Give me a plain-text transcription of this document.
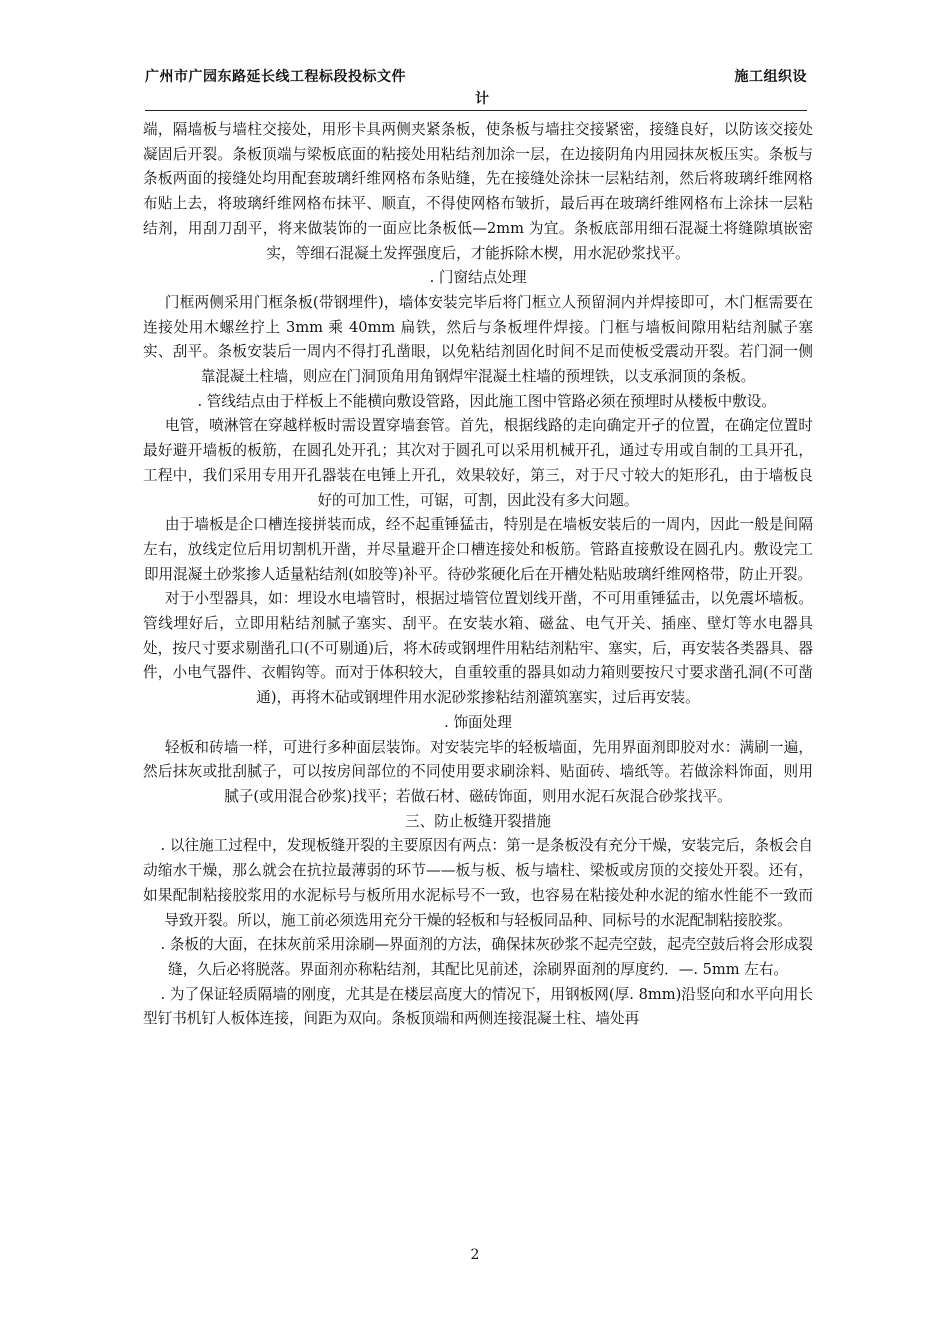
广州市广园东路延长线工程标段投标文件	施工组织设
计

端，隔墙板与墙柱交接处，用形卡具两侧夹紧条板，使条板与墙拄交接紧密，接缝良好，以防该交接处凝固后开裂。条板顶端与梁板底面的粘接处用粘结剂加涂一层，在边接阴角内用园抹灰板压实。条板与条板两面的接缝处均用配套玻璃纤维网格布条贴缝，先在接缝处涂抹一层粘结剂，然后将玻璃纤维网格布贴上去，将玻璃纤维网格布抹平、顺直，不得使网格布皱折，最后再在玻璃纤维网格布上涂抹一层粘结剂，用刮刀刮平，将来做装饰的一面应比条板低—2mm 为宜。条板底部用细石混凝土将缝隙填嵌密实，等细石混凝土发挥强度后，才能拆除木楔，用水泥砂浆找平。

. 门窗结点处理

门框两侧采用门框条板(带钢埋件)，墙体安装完毕后将门框立人预留洞内并焊接即可，木门框需要在连接处用木螺丝拧上 3mm 乘 40mm 扁铁，然后与条板埋件焊接。门框与墙板间隙用粘结剂腻子塞实、刮平。条板安装后一周内不得打孔凿眼，以免粘结剂固化时间不足而使板受震动开裂。若门洞一侧靠混凝土柱墙，则应在门洞顶角用角钢焊牢混凝土柱墙的预埋铁，以支承洞顶的条板。

. 管线结点由于样板上不能横向敷设管路，因此施工图中管路必须在预埋时从楼板中敷设。

电管，喷淋管在穿越样板时需设置穿墙套管。首先，根据线路的走向确定开孑的位置，在确定位置时最好避开墙板的板筋，在圆孔处开孔；其次对于圆孔可以采用机械开孔，通过专用或自制的工具开孔，工程中，我们采用专用开孔器装在电锤上开孔，效果较好，第三，对于尺寸较大的矩形孔，由于墙板良好的可加工性，可锯，可割，因此没有多大问题。

由于墙板是企口槽连接拼装而成，经不起重锤猛击，特别是在墙板安装后的一周内，因此一般是间隔左右，放线定位后用切割机开凿，并尽量避开企口槽连接处和板筋。管路直接敷设在圆孔内。敷设完工即用混凝土砂浆掺人适量粘结剂(如胶等)补平。待砂浆硬化后在开槽处粘贴玻璃纤维网格带，防止开裂。

对于小型器具，如：埋设水电墙管时，根据过墙管位置划线开凿，不可用重锤猛击，以免震坏墙板。管线埋好后，立即用粘结剂腻子塞实、刮平。在安装水箱、磁盆、电气开关、插座、壁灯等水电器具处，按尺寸要求剔凿孔口(不可剔通)后，将木砖或钢埋件用粘结剂粘牢、塞实，后，再安装各类器具、器件，小电气器件、衣帽钩等。而对于体积较大，自重较重的器具如动力箱则要按尺寸要求凿孔洞(不可凿通)，再将木砧或钢埋件用水泥砂浆掺粘结剂灌筑塞实，过后再安装。

. 饰面处理

轻板和砖墙一样，可进行多种面层装饰。对安装完毕的轻板墙面，先用界面剂即胶对水：满刷一遍，然后抹灰或批刮腻子，可以按房间部位的不同使用要求刷涂料、贴面砖、墙纸等。若做涂料饰面，则用腻子(或用混合砂浆)找平；若做石材、磁砖饰面，则用水泥石灰混合砂浆找平。

三、防止板缝开裂措施

. 以往施工过程中，发现板缝开裂的主要原因有两点：第一是条板没有充分干燥，安装完后，条板会自动缩水干燥，那么就会在抗拉最薄弱的环节——板与板、板与墙柱、梁板或房顶的交接处开裂。还有，如果配制粘接胶浆用的水泥标号与板所用水泥标号不一致，也容易在粘接处种水泥的缩水性能不一致而导致开裂。所以，施工前必须选用充分干燥的轻板和与轻板同品种、同标号的水泥配制粘接胶浆。

. 条板的大面，在抹灰前采用涂刷—界面剂的方法，确保抹灰砂浆不起壳空鼓，起壳空鼓后将会形成裂缝，久后必将脱落。界面剂亦称粘结剂，其配比见前述，涂刷界面剂的厚度约．—. 5mm 左右。

. 为了保证轻质隔墙的刚度，尤其是在楼层高度大的情况下，用钢板网(厚. 8mm)沿竖向和水平向用长型钉书机钉人板体连接，间距为双向。条板顶端和两侧连接混凝土柱、墙处再

2
